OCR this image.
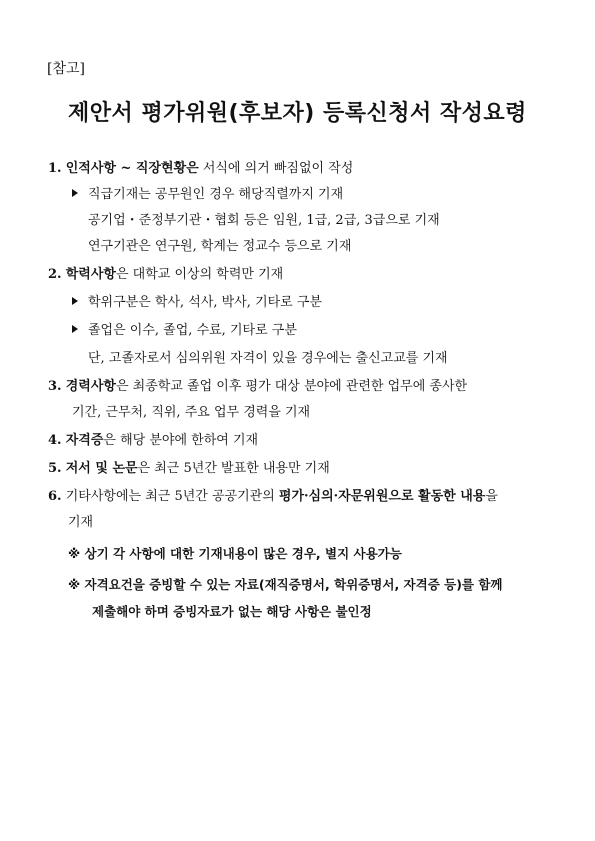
[참고]
제안서 평가위원(후보자) 등록신청서 작성요령
1. 인적사항 ~ 직장현황은 서식에 의거 빠짐없이 작성
직급기재는 공무원인 경우 해당직렬까지 기재
공기업・준정부기관・협회 등은 임원, 1급, 2급, 3급으로 기재
연구기관은 연구원, 학계는 정교수 등으로 기재
2. 학력사항은 대학교 이상의 학력만 기재
학위구분은 학사, 석사, 박사, 기타로 구분
졸업은 이수, 졸업, 수료, 기타로 구분
단, 고졸자로서 심의위원 자격이 있을 경우에는 출신고교를 기재
3. 경력사항은 최종학교 졸업 이후 평가 대상 분야에 관련한 업무에 종사한
기간, 근무처, 직위, 주요 업무 경력을 기재
4. 자격증은 해당 분야에 한하여 기재
5. 저서 및 논문은 최근 5년간 발표한 내용만 기재
6. 기타사항에는 최근 5년간 공공기관의 평가·심의·자문위원으로 활동한 내용을
기재
※ 상기 각 사항에 대한 기재내용이 많은 경우, 별지 사용가능
※ 자격요건을 증빙할 수 있는 자료(재직증명서, 학위증명서, 자격증 등)를 함께
제출해야 하며 증빙자료가 없는 해당 사항은 불인정
